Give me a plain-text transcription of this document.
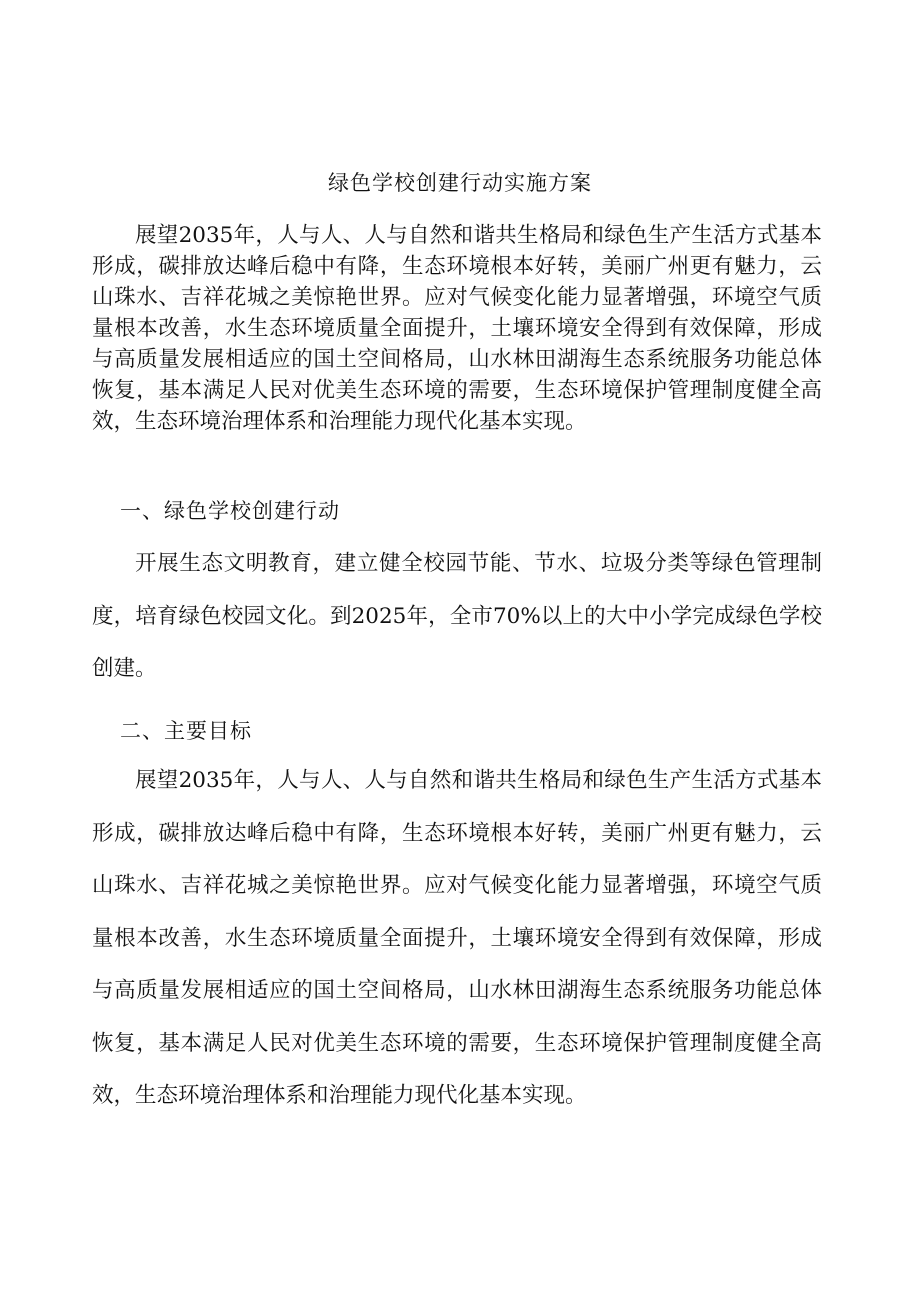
绿色学校创建行动实施方案

展望2035年，人与人、人与自然和谐共生格局和绿色生产生活方式基本形成，碳排放达峰后稳中有降，生态环境根本好转，美丽广州更有魅力，云山珠水、吉祥花城之美惊艳世界。应对气候变化能力显著增强，环境空气质量根本改善，水生态环境质量全面提升，土壤环境安全得到有效保障，形成与高质量发展相适应的国土空间格局，山水林田湖海生态系统服务功能总体恢复，基本满足人民对优美生态环境的需要，生态环境保护管理制度健全高效，生态环境治理体系和治理能力现代化基本实现。

一、绿色学校创建行动

开展生态文明教育，建立健全校园节能、节水、垃圾分类等绿色管理制度，培育绿色校园文化。到2025年，全市70%以上的大中小学完成绿色学校创建。

二、主要目标

展望2035年，人与人、人与自然和谐共生格局和绿色生产生活方式基本形成，碳排放达峰后稳中有降，生态环境根本好转，美丽广州更有魅力，云山珠水、吉祥花城之美惊艳世界。应对气候变化能力显著增强，环境空气质量根本改善，水生态环境质量全面提升，土壤环境安全得到有效保障，形成与高质量发展相适应的国土空间格局，山水林田湖海生态系统服务功能总体恢复，基本满足人民对优美生态环境的需要，生态环境保护管理制度健全高效，生态环境治理体系和治理能力现代化基本实现。
